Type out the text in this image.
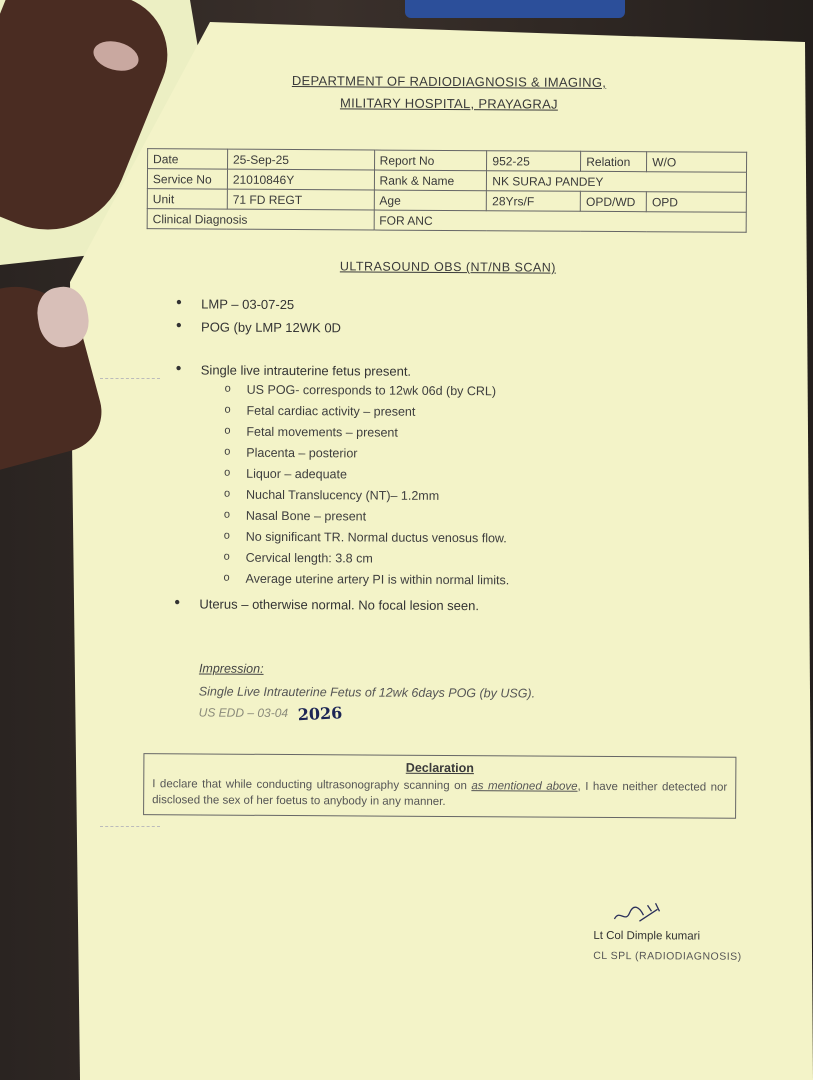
DEPARTMENT OF RADIODIAGNOSIS & IMAGING,
MILITARY HOSPITAL, PRAYAGRAJ
Date	25-Sep-25	Report No	952-25	Relation	W/O
Service No	21010846Y	Rank & Name	NK SURAJ PANDEY		
Unit	71 FD REGT	Age	28Yrs/F	OPD/WD	OPD
Clinical Diagnosis		FOR ANC			
ULTRASOUND OBS (NT/NB SCAN)
• LMP – 03-07-25
• POG (by LMP 12WK 0D
• Single live intrauterine fetus present.
o US POG- corresponds to 12wk 06d (by CRL)
o Fetal cardiac activity – present
o Fetal movements – present
o Placenta – posterior
o Liquor – adequate
o Nuchal Translucency (NT)– 1.2mm
o Nasal Bone – present
o No significant TR. Normal ductus venosus flow.
o Cervical length: 3.8 cm
o Average uterine artery PI is within normal limits.
• Uterus – otherwise normal. No focal lesion seen.
Impression:
Single Live Intrauterine Fetus of 12wk 6days POG (by USG).
US EDD – 03-04 2026
Declaration
I declare that while conducting ultrasonography scanning on as mentioned above, I have neither detected nor disclosed the sex of her foetus to anybody in any manner.
Lt Col Dimple kumari
CL SPL (RADIODIAGNOSIS)
